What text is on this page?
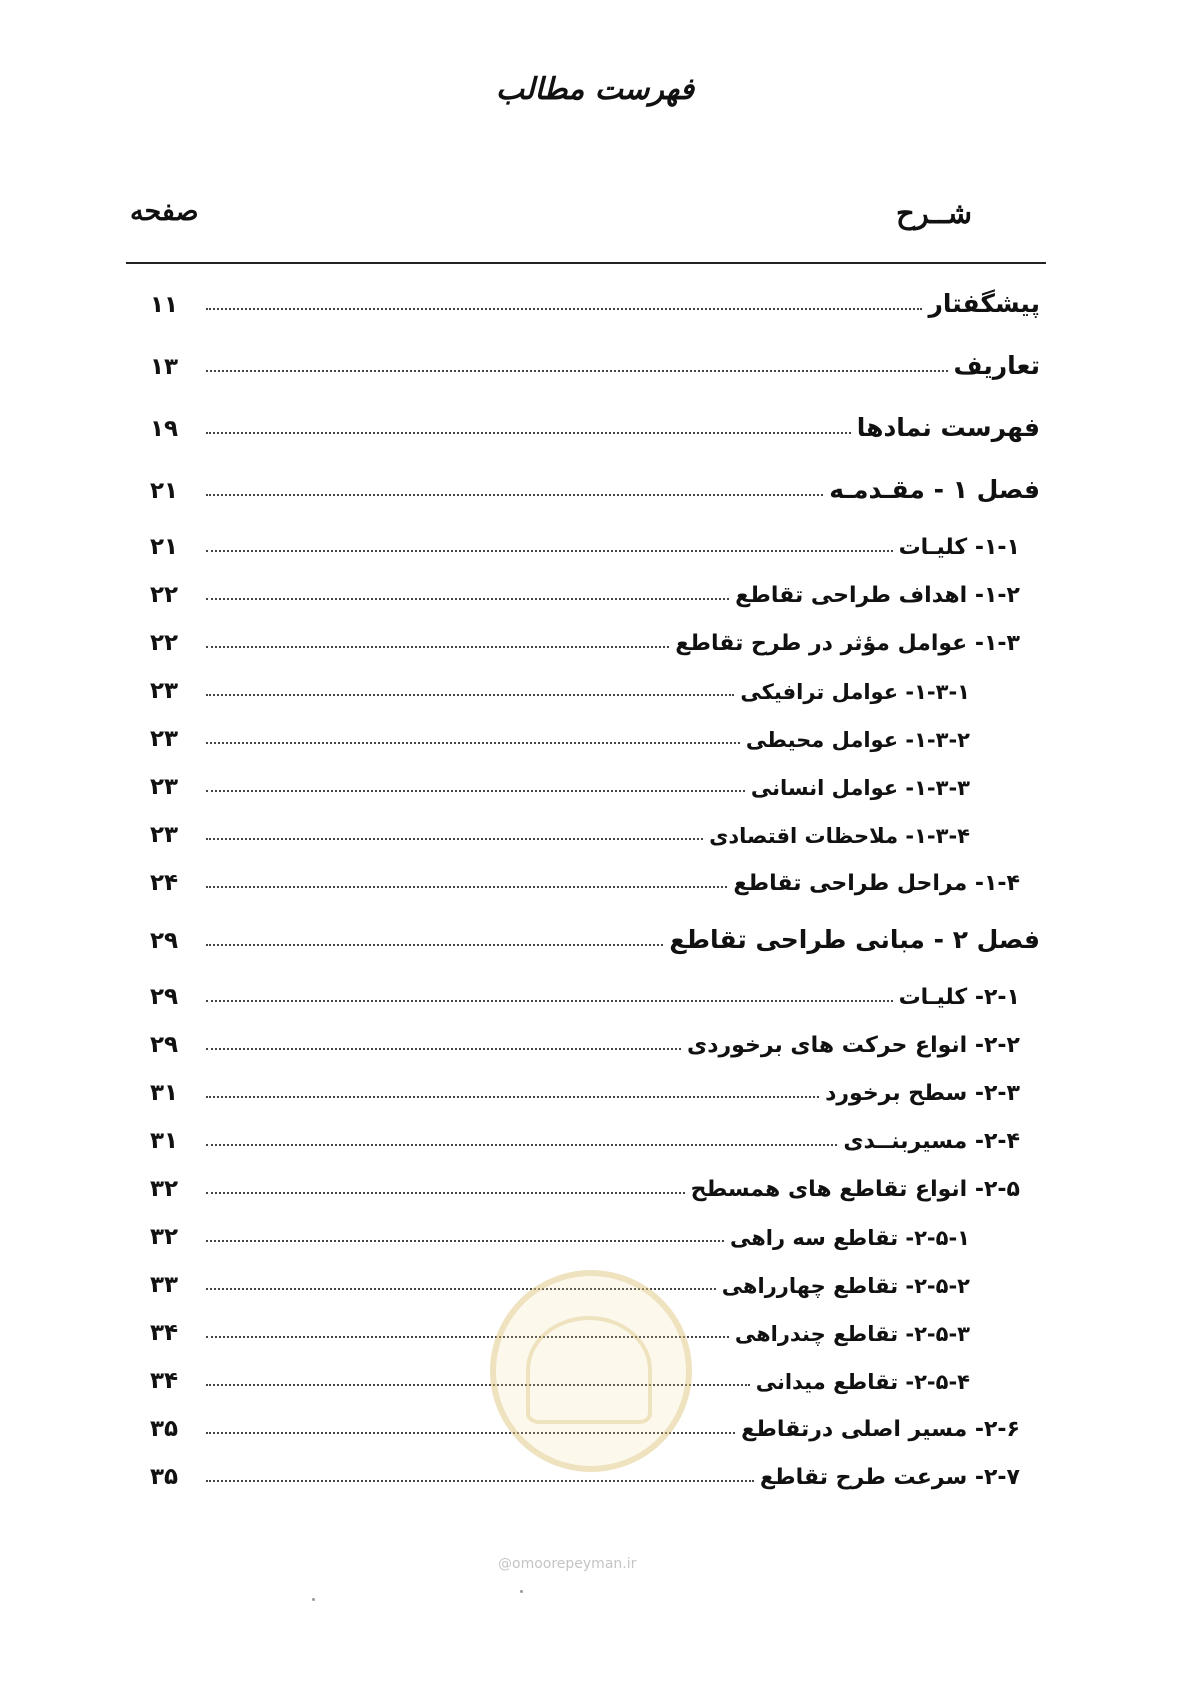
فهرست مطالب
شــرح
صفحه
پیشگفتار
۱۱
تعاریف
۱۳
فهرست نمادها
۱۹
فصل ۱ - مقـدمـه
۲۱
۱-۱- کلیـات
۲۱
۱-۲- اهداف طراحی تقاطع
۲۲
۱-۳- عوامل مؤثر در طرح تقاطع
۲۲
۱-۳-۱- عوامل ترافیکی
۲۳
۱-۳-۲- عوامل محیطی
۲۳
۱-۳-۳- عوامل انسانی
۲۳
۱-۳-۴- ملاحظات اقتصادی
۲۳
۱-۴- مراحل طراحی تقاطع
۲۴
فصل ۲ - مبانی طراحی تقاطع
۲۹
۲-۱- کلیـات
۲۹
۲-۲- انواع حرکت های برخوردی
۲۹
۲-۳- سطح برخورد
۳۱
۲-۴- مسیربنــدی
۳۱
۲-۵- انواع تقاطع های همسطح
۳۲
۲-۵-۱- تقاطع سه راهی
۳۲
۲-۵-۲- تقاطع چهارراهی
۳۳
۲-۵-۳- تقاطع چندراهی
۳۴
۲-۵-۴- تقاطع میدانی
۳۴
۲-۶- مسیر اصلی درتقاطع
۳۵
۲-۷- سرعت طرح تقاطع
۳۵
@omoorepeyman.ir
